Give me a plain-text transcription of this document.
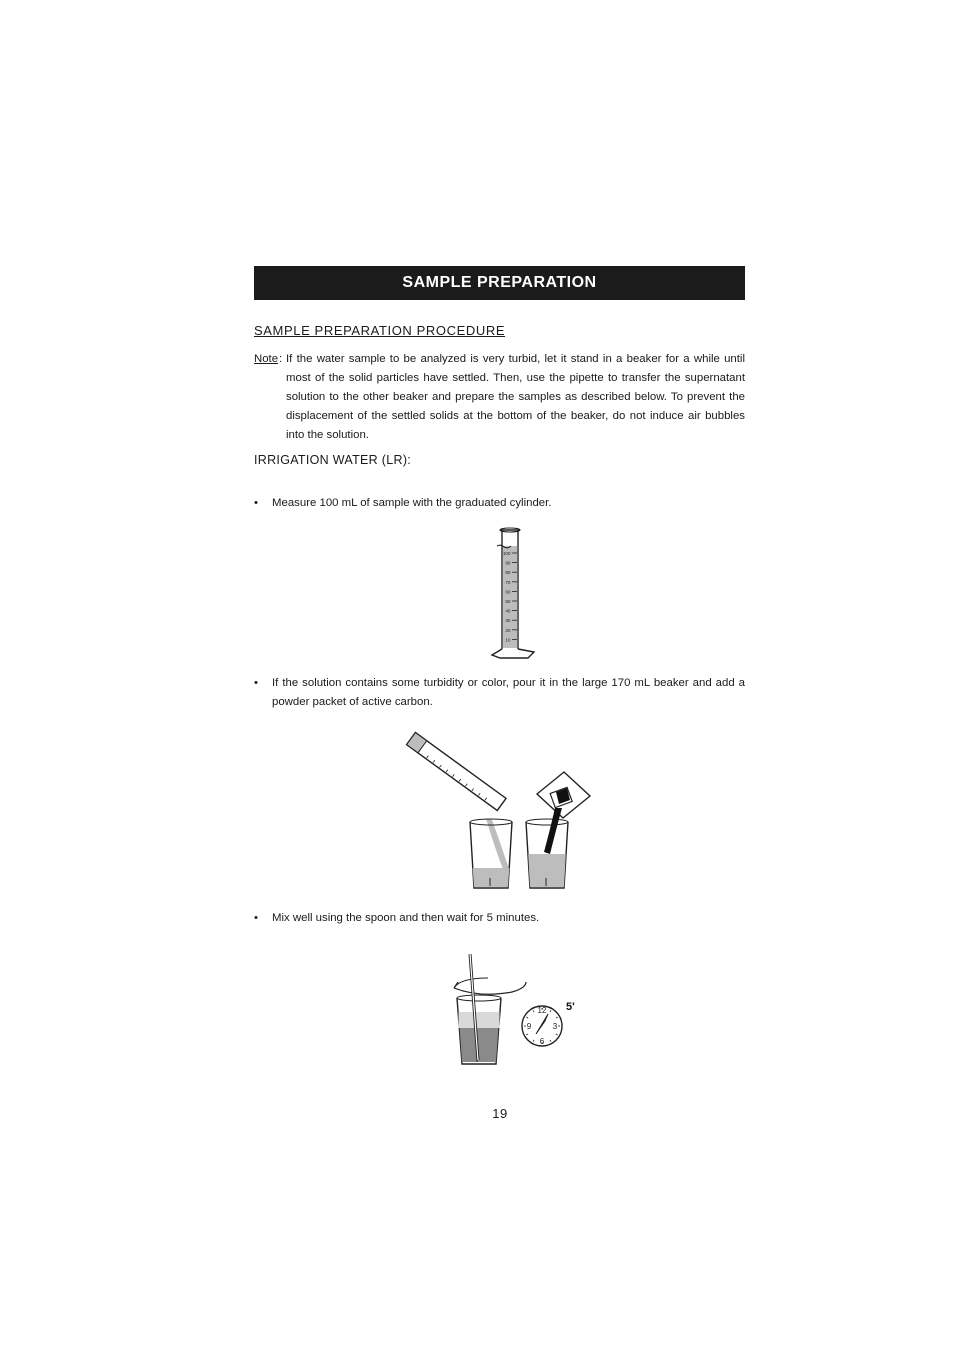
SAMPLE PREPARATION
SAMPLE PREPARATION PROCEDURE
Note : If the water sample to be analyzed is very turbid, let it stand in a beaker for a while until most of the solid particles have settled. Then, use the pipette to transfer the supernatant solution to the other beaker and prepare the samples as described below. To prevent the displacement of the settled solids at the bottom of the beaker, do not induce air bubbles into the solution.
IRRIGATION WATER (LR):
• Measure 100 mL of sample with the graduated cylinder.
100
90
80
70
60
50
40
30
20
10
• If the solution contains some turbidity or color, pour it in the large 170 mL beaker and add a powder packet of active carbon.
• Mix well using the spoon and then wait for 5 minutes.
12
3
6
9
5'
19
